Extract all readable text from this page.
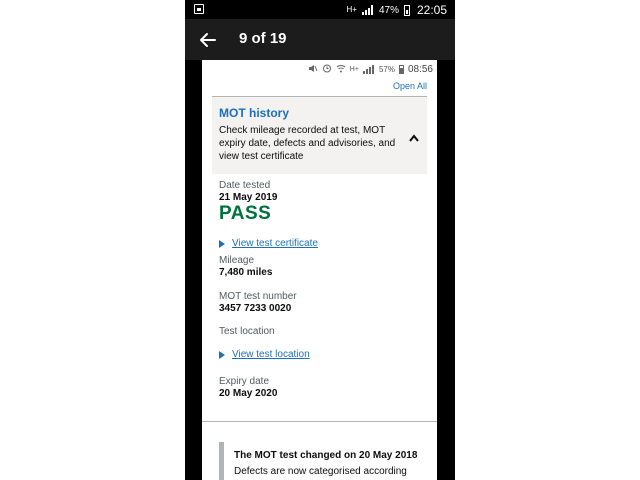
H+ 47% 22:05
9 of 19
H+	57% 08:56
Open All
MOT history
Check mileage recorded at test, MOT expiry date, defects and advisories, and view test certificate
Date tested
21 May 2019
PASS
View test certificate
Mileage
7,480 miles
MOT test number
3457 7233 0020
Test location
View test location
Expiry date
20 May 2020
The MOT test changed on 20 May 2018
Defects are now categorised according
